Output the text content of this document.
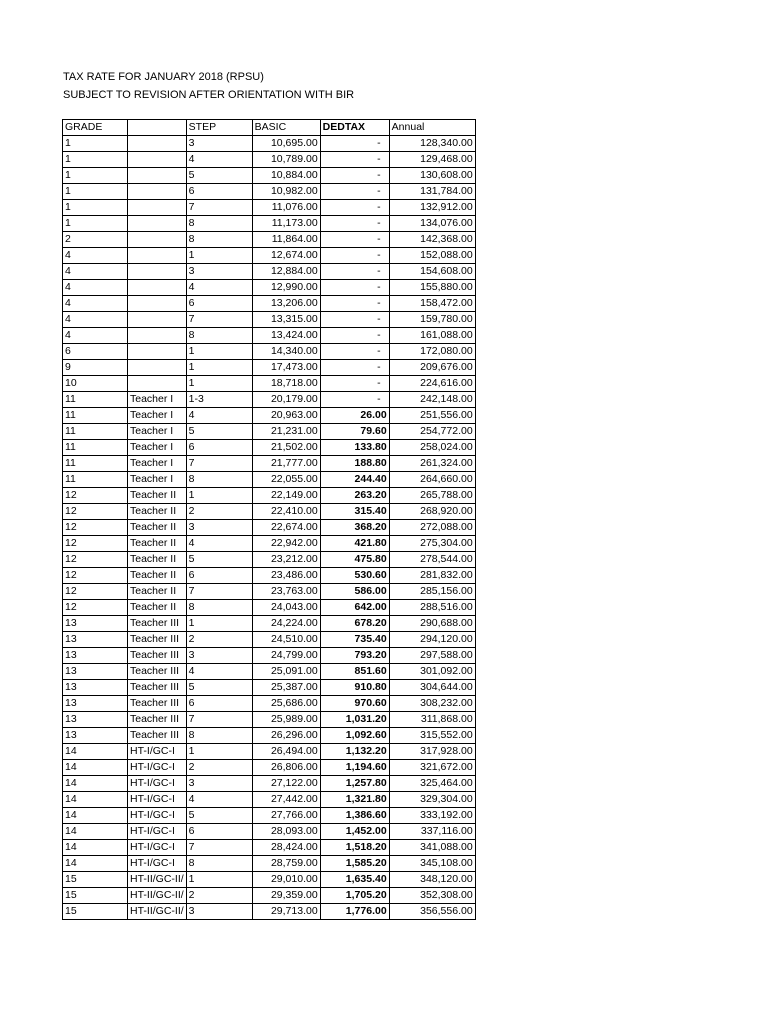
TAX RATE FOR JANUARY 2018 (RPSU)
SUBJECT TO REVISION AFTER ORIENTATION WITH BIR
GRADE		STEP	BASIC	DEDTAX	Annual
1		3	10,695.00	-	128,340.00
1		4	10,789.00	-	129,468.00
1		5	10,884.00	-	130,608.00
1		6	10,982.00	-	131,784.00
1		7	11,076.00	-	132,912.00
1		8	11,173.00	-	134,076.00
2		8	11,864.00	-	142,368.00
4		1	12,674.00	-	152,088.00
4		3	12,884.00	-	154,608.00
4		4	12,990.00	-	155,880.00
4		6	13,206.00	-	158,472.00
4		7	13,315.00	-	159,780.00
4		8	13,424.00	-	161,088.00
6		1	14,340.00	-	172,080.00
9		1	17,473.00	-	209,676.00
10		1	18,718.00	-	224,616.00
11	Teacher I	1-3	20,179.00	-	242,148.00
11	Teacher I	4	20,963.00	26.00	251,556.00
11	Teacher I	5	21,231.00	79.60	254,772.00
11	Teacher I	6	21,502.00	133.80	258,024.00
11	Teacher I	7	21,777.00	188.80	261,324.00
11	Teacher I	8	22,055.00	244.40	264,660.00
12	Teacher II	1	22,149.00	263.20	265,788.00
12	Teacher II	2	22,410.00	315.40	268,920.00
12	Teacher II	3	22,674.00	368.20	272,088.00
12	Teacher II	4	22,942.00	421.80	275,304.00
12	Teacher II	5	23,212.00	475.80	278,544.00
12	Teacher II	6	23,486.00	530.60	281,832.00
12	Teacher II	7	23,763.00	586.00	285,156.00
12	Teacher II	8	24,043.00	642.00	288,516.00
13	Teacher III	1	24,224.00	678.20	290,688.00
13	Teacher III	2	24,510.00	735.40	294,120.00
13	Teacher III	3	24,799.00	793.20	297,588.00
13	Teacher III	4	25,091.00	851.60	301,092.00
13	Teacher III	5	25,387.00	910.80	304,644.00
13	Teacher III	6	25,686.00	970.60	308,232.00
13	Teacher III	7	25,989.00	1,031.20	311,868.00
13	Teacher III	8	26,296.00	1,092.60	315,552.00
14	HT-I/GC-I	1	26,494.00	1,132.20	317,928.00
14	HT-I/GC-I	2	26,806.00	1,194.60	321,672.00
14	HT-I/GC-I	3	27,122.00	1,257.80	325,464.00
14	HT-I/GC-I	4	27,442.00	1,321.80	329,304.00
14	HT-I/GC-I	5	27,766.00	1,386.60	333,192.00
14	HT-I/GC-I	6	28,093.00	1,452.00	337,116.00
14	HT-I/GC-I	7	28,424.00	1,518.20	341,088.00
14	HT-I/GC-I	8	28,759.00	1,585.20	345,108.00
15	HT-II/GC-II/	1	29,010.00	1,635.40	348,120.00
15	HT-II/GC-II/	2	29,359.00	1,705.20	352,308.00
15	HT-II/GC-II/	3	29,713.00	1,776.00	356,556.00
